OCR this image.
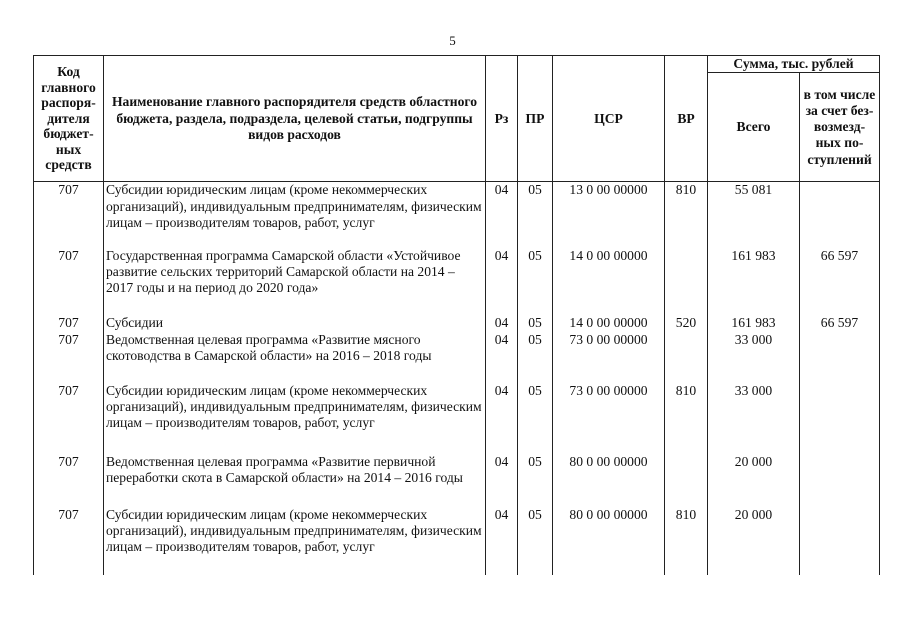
5
Код главного распоря-дителя бюджет-ных средств	Наименование главного распорядителя средств областного бюджета, раздела, подраздела, целевой статьи, подгруппы видов расходов	Рз	ПР	ЦСР	ВР	Сумма, тыс. рублей	
						Всего	в том числе за счет без-возмезд-ных по-ступлений
707	Субсидии юридическим лицам (кроме некоммерческих организаций), индивидуальным предпринимателям, физическим лицам – производителям товаров, работ, услуг	04	05	13 0 00 00000	810	55 081	
707	Государственная программа Самарской области «Устойчивое развитие сельских территорий Самарской области на 2014 – 2017 годы и на период до 2020 года»	04	05	14 0 00 00000		161 983	66 597
707	Субсидии	04	05	14 0 00 00000	520	161 983	66 597
707	Ведомственная целевая программа «Развитие мясного скотоводства в Самарской области» на 2016 – 2018 годы	04	05	73 0 00 00000		33 000	
707	Субсидии юридическим лицам (кроме некоммерческих организаций), индивидуальным предпринимателям, физическим лицам – производителям товаров, работ, услуг	04	05	73 0 00 00000	810	33 000	
707	Ведомственная целевая программа «Развитие первичной переработки скота в Самарской области» на 2014 – 2016 годы	04	05	80 0 00 00000		20 000	
707	Субсидии юридическим лицам (кроме некоммерческих организаций), индивидуальным предпринимателям, физическим лицам – производителям товаров, работ, услуг	04	05	80 0 00 00000	810	20 000	
